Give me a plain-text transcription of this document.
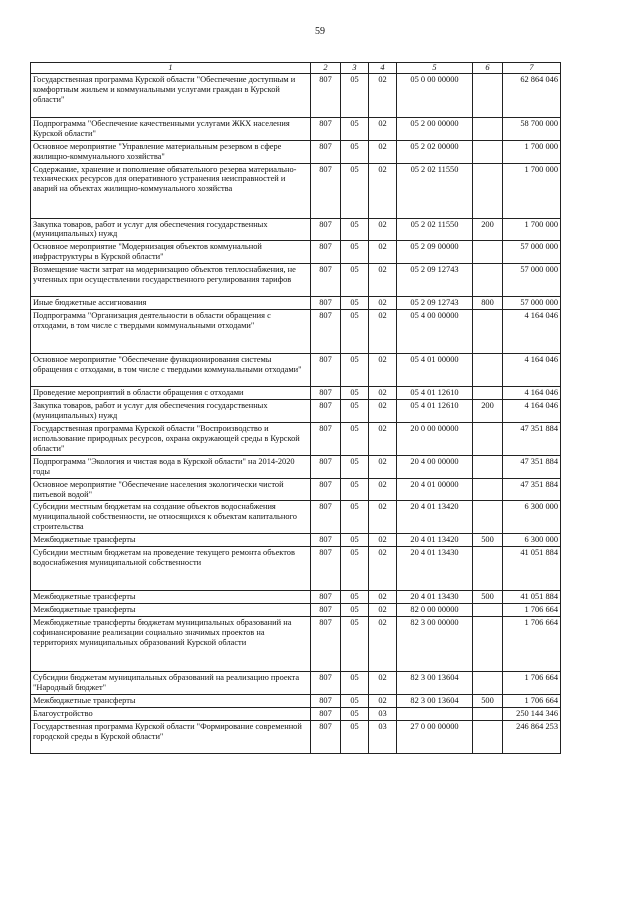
59
1	2	3	4	5	6	7
Государственная программа Курской области "Обеспечение доступным и комфортным жильем и коммунальными услугами граждан в Курской области"	807	05	02	05 0 00 00000		62 864 046
Подпрограмма "Обеспечение качественными услугами ЖКХ населения Курской области"	807	05	02	05 2 00 00000		58 700 000
Основное мероприятие "Управление материальным резервом в сфере жилищно-коммунального хозяйства"	807	05	02	05 2 02 00000		1 700 000
Содержание, хранение и пополнение обязательного резерва материально-технических ресурсов для оперативного устранения неисправностей и аварий на объектах жилищно-коммунального хозяйства	807	05	02	05 2 02 11550		1 700 000
Закупка товаров, работ и услуг для обеспечения государственных (муниципальных) нужд	807	05	02	05 2 02 11550	200	1 700 000
Основное мероприятие "Модернизация объектов коммунальной инфраструктуры в Курской области"	807	05	02	05 2 09 00000		57 000 000
Возмещение части затрат на модернизацию объектов теплоснабжения, не учтенных при осуществлении государственного регулирования тарифов	807	05	02	05 2 09 12743		57 000 000
Иные бюджетные ассигнования	807	05	02	05 2 09 12743	800	57 000 000
Подпрограмма "Организация деятельности в области обращения с отходами, в том числе с твердыми коммунальными отходами"	807	05	02	05 4 00 00000		4 164 046
Основное мероприятие "Обеспечение функционирования системы обращения с отходами, в том числе с твердыми коммунальными отходами"	807	05	02	05 4 01 00000		4 164 046
Проведение мероприятий в области обращения с отходами	807	05	02	05 4 01 12610		4 164 046
Закупка товаров, работ и услуг для обеспечения государственных (муниципальных) нужд	807	05	02	05 4 01 12610	200	4 164 046
Государственная программа Курской области "Воспроизводство и использование природных ресурсов, охрана окружающей среды в Курской области"	807	05	02	20 0 00 00000		47 351 884
Подпрограмма "Экология и чистая вода в Курской области" на 2014-2020 годы	807	05	02	20 4 00 00000		47 351 884
Основное мероприятие "Обеспечение населения экологически чистой питьевой водой"	807	05	02	20 4 01 00000		47 351 884
Субсидии местным бюджетам на создание объектов водоснабжения муниципальной собственности, не относящихся к объектам капитального строительства	807	05	02	20 4 01 13420		6 300 000
Межбюджетные трансферты	807	05	02	20 4 01 13420	500	6 300 000
Субсидии местным бюджетам на проведение текущего ремонта объектов водоснабжения муниципальной собственности	807	05	02	20 4 01 13430		41 051 884
Межбюджетные трансферты	807	05	02	20 4 01 13430	500	41 051 884
Межбюджетные трансферты	807	05	02	82 0 00 00000		1 706 664
Межбюджетные трансферты бюджетам муниципальных образований на софинансирование реализации социально значимых проектов на территориях муниципальных образований Курской области	807	05	02	82 3 00 00000		1 706 664
Субсидии бюджетам муниципальных образований на реализацию проекта "Народный бюджет"	807	05	02	82 3 00 13604		1 706 664
Межбюджетные трансферты	807	05	02	82 3 00 13604	500	1 706 664
Благоустройство	807	05	03			250 144 346
Государственная программа Курской области "Формирование современной городской среды в Курской области"	807	05	03	27 0 00 00000		246 864 253
